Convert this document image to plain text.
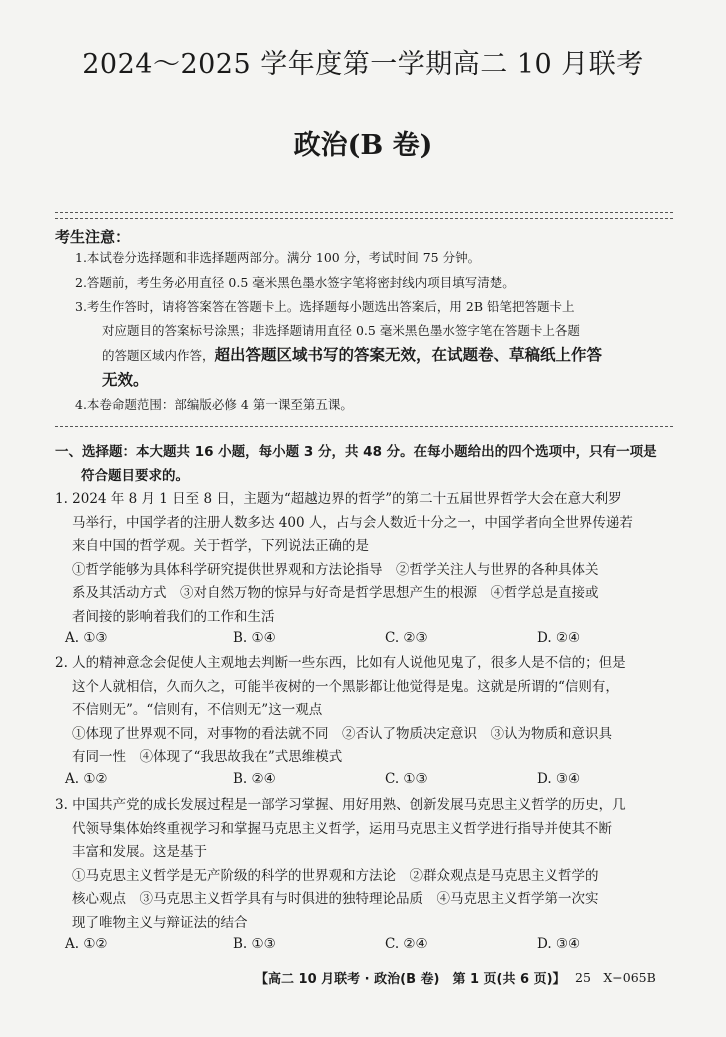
2024～2025 学年度第一学期高二 10 月联考
政治(B 卷)
考生注意：
1.本试卷分选择题和非选择题两部分。满分 100 分，考试时间 75 分钟。
2.答题前，考生务必用直径 0.5 毫米黑色墨水签字笔将密封线内项目填写清楚。
3.考生作答时，请将答案答在答题卡上。选择题每小题选出答案后，用 2B 铅笔把答题卡上
对应题目的答案标号涂黑；非选择题请用直径 0.5 毫米黑色墨水签字笔在答题卡上各题
的答题区域内作答，超出答题区域书写的答案无效，在试题卷、草稿纸上作答
无效。
4.本卷命题范围：部编版必修 4 第一课至第五课。
一、选择题：本大题共 16 小题，每小题 3 分，共 48 分。在每小题给出的四个选项中，只有一项是
符合题目要求的。
1. 2024 年 8 月 1 日至 8 日，主题为“超越边界的哲学”的第二十五届世界哲学大会在意大利罗
马举行，中国学者的注册人数多达 400 人，占与会人数近十分之一，中国学者向全世界传递若
来自中国的哲学观。关于哲学，下列说法正确的是
①哲学能够为具体科学研究提供世界观和方法论指导　②哲学关注人与世界的各种具体关
系及其活动方式　③对自然万物的惊异与好奇是哲学思想产生的根源　④哲学总是直接或
者间接的影响着我们的工作和生活
A. ①③	B. ①④	C. ②③	D. ②④
2. 人的精神意念会促使人主观地去判断一些东西，比如有人说他见鬼了，很多人是不信的；但是
这个人就相信，久而久之，可能半夜树的一个黑影都让他觉得是鬼。这就是所谓的“信则有，
不信则无”。“信则有，不信则无”这一观点
①体现了世界观不同，对事物的看法就不同　②否认了物质决定意识　③认为物质和意识具
有同一性　④体现了“我思故我在”式思维模式
A. ①②	B. ②④	C. ①③	D. ③④
3. 中国共产党的成长发展过程是一部学习掌握、用好用熟、创新发展马克思主义哲学的历史，几
代领导集体始终重视学习和掌握马克思主义哲学，运用马克思主义哲学进行指导并使其不断
丰富和发展。这是基于
①马克思主义哲学是无产阶级的科学的世界观和方法论　②群众观点是马克思主义哲学的
核心观点　③马克思主义哲学具有与时俱进的独特理论品质　④马克思主义哲学第一次实
现了唯物主义与辩证法的结合
A. ①②	B. ①③	C. ②④	D. ③④
【高二 10 月联考 · 政治(B 卷)　第 1 页(共 6 页)】 25　X−065B
